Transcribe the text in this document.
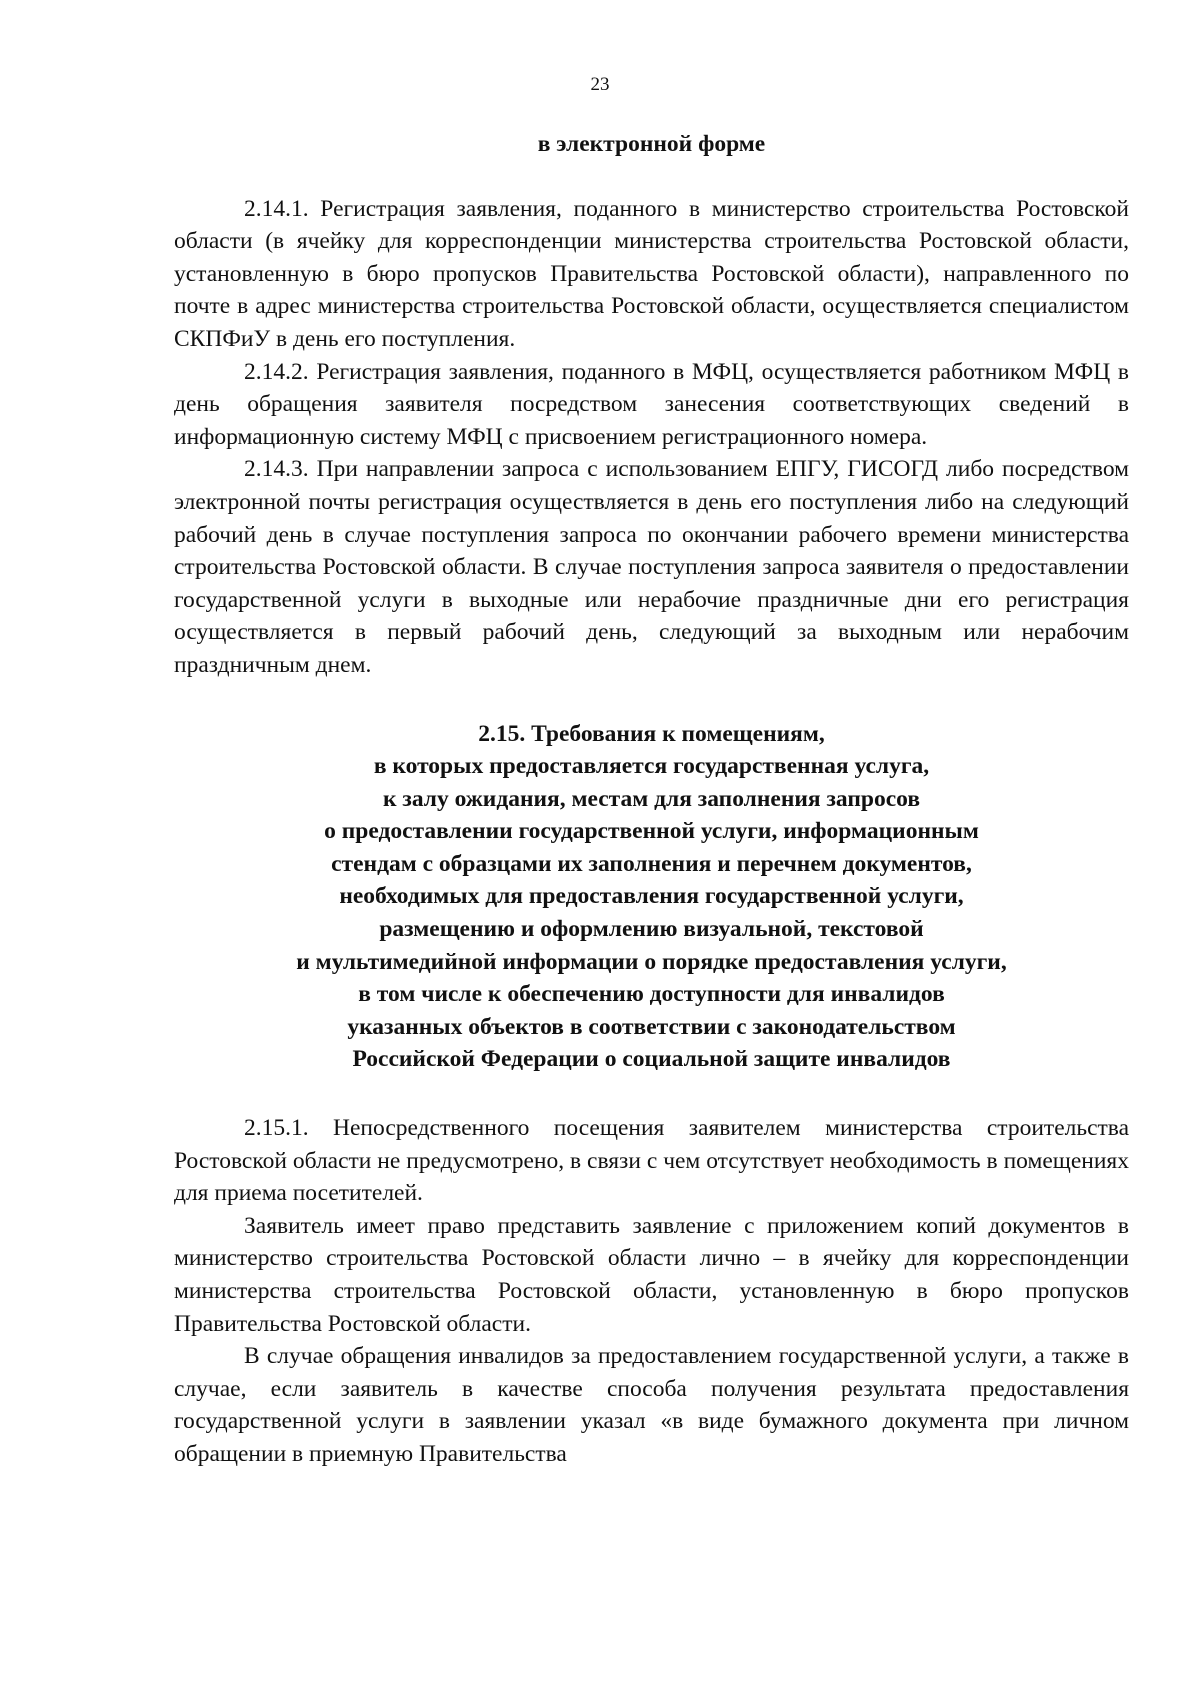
23

в электронной форме

2.14.1. Регистрация заявления, поданного в министерство строительства Ростовской области (в ячейку для корреспонденции министерства строительства Ростовской области, установленную в бюро пропусков Правительства Ростовской области), направленного по почте в адрес министерства строительства Ростовской области, осуществляется специалистом СКПФиУ в день его поступления.

2.14.2. Регистрация заявления, поданного в МФЦ, осуществляется работником МФЦ в день обращения заявителя посредством занесения соответствующих сведений в информационную систему МФЦ с присвоением регистрационного номера.

2.14.3. При направлении запроса с использованием ЕПГУ, ГИСОГД либо посредством электронной почты регистрация осуществляется в день его поступления либо на следующий рабочий день в случае поступления запроса по окончании рабочего времени министерства строительства Ростовской области. В случае поступления запроса заявителя о предоставлении государственной услуги в выходные или нерабочие праздничные дни его регистрация осуществляется в первый рабочий день, следующий за выходным или нерабочим праздничным днем.

2.15. Требования к помещениям,

в которых предоставляется государственная услуга,

к залу ожидания, местам для заполнения запросов

о предоставлении государственной услуги, информационным

стендам с образцами их заполнения и перечнем документов,

необходимых для предоставления государственной услуги,

размещению и оформлению визуальной, текстовой

и мультимедийной информации о порядке предоставления услуги,

в том числе к обеспечению доступности для инвалидов

указанных объектов в соответствии с законодательством

Российской Федерации о социальной защите инвалидов

2.15.1. Непосредственного посещения заявителем министерства строительства Ростовской области не предусмотрено, в связи с чем отсутствует необходимость в помещениях для приема посетителей.

Заявитель имеет право представить заявление с приложением копий документов в министерство строительства Ростовской области лично – в ячейку для корреспонденции министерства строительства Ростовской области, установленную в бюро пропусков Правительства Ростовской области.

В случае обращения инвалидов за предоставлением государственной услуги, а также в случае, если заявитель в качестве способа получения результата предоставления государственной услуги в заявлении указал «в виде бумажного документа при личном обращении в приемную Правительства
